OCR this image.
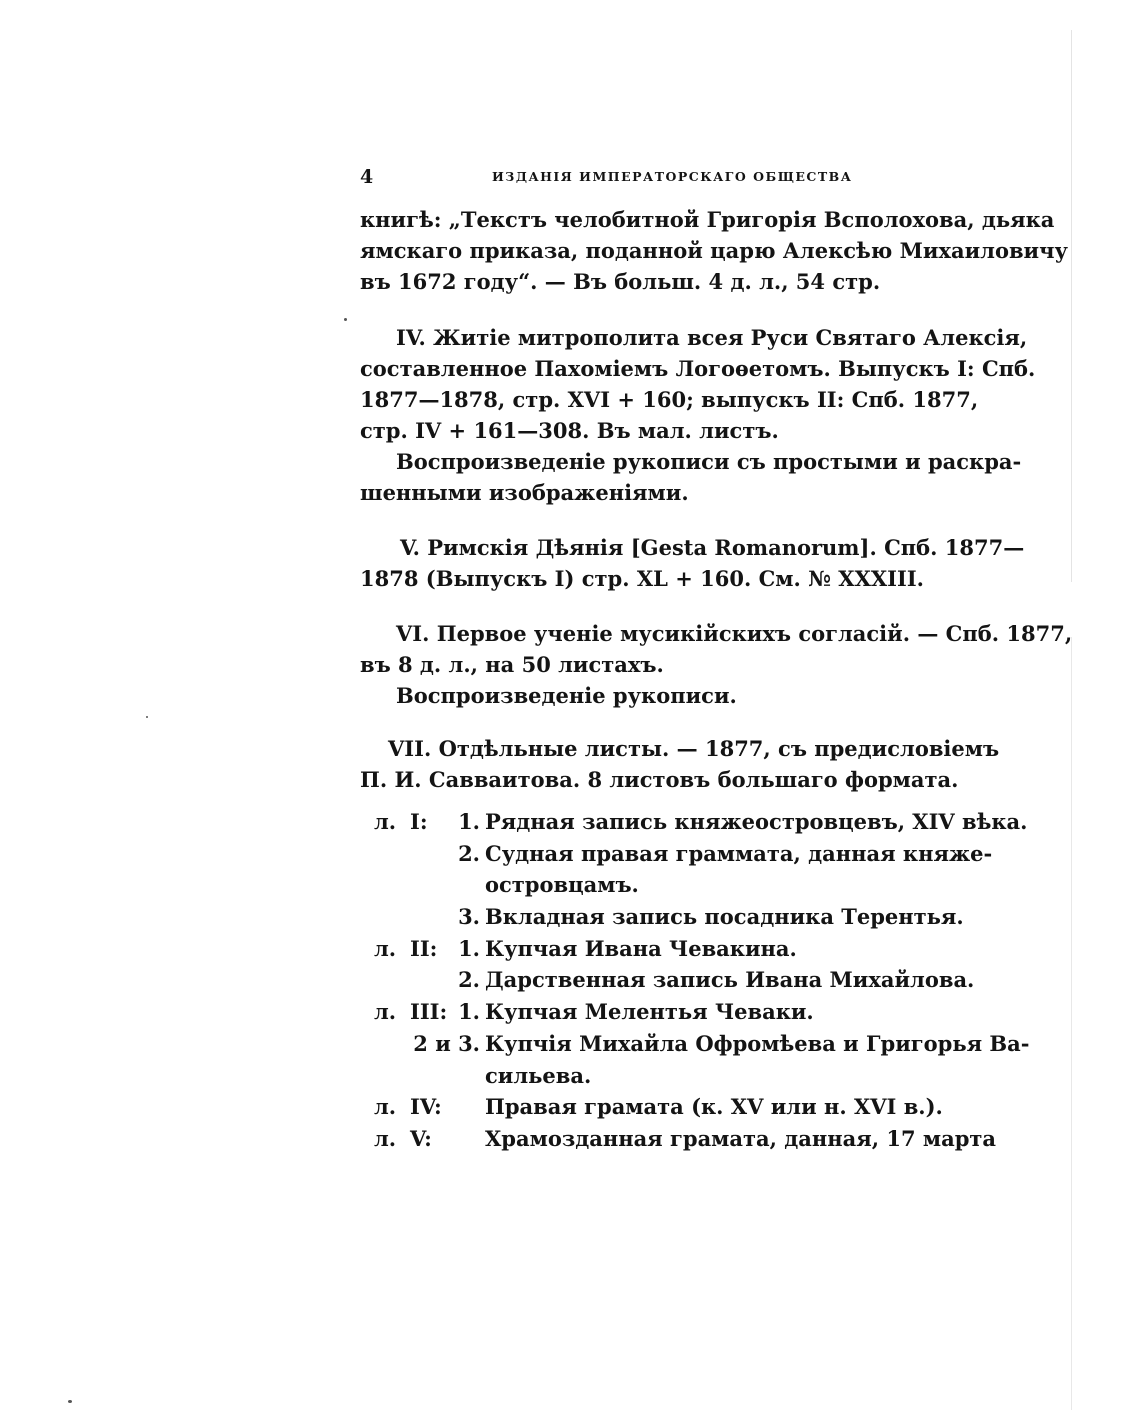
4	ИЗДАНІЯ ИМПЕРАТОРСКАГО ОБЩЕСТВА
книгѣ: „Текстъ челобитной Григорія Всполохова, дьяка
ямскаго приказа, поданной царю Алексѣю Михаиловичу
въ 1672 году“. — Въ больш. 4 д. л., 54 стр.
IV. Житіе митрополита всея Руси Святаго Алексія,
составленное Пахоміемъ Логоѳетомъ. Выпускъ I: Спб.
1877—1878, стр. XVI + 160; выпускъ II: Спб. 1877,
стр. IV + 161—308. Въ мал. листъ.
Воспроизведеніе рукописи съ простыми и раскра-
шенными изображеніями.
V. Римскія Дѣянія [Gesta Romanorum]. Спб. 1877—
1878 (Выпускъ I) стр. XL + 160. См. № XXXIII.
VI. Первое ученіе мусикійскихъ согласій. — Спб. 1877,
въ 8 д. л., на 50 листахъ.
Воспроизведеніе рукописи.
VII. Отдѣльные листы. — 1877, съ предисловіемъ
П. И. Савваитова. 8 листовъ большаго формата.
л. I: 1. Рядная запись княжеостровцевъ, XIV вѣка.
2. Судная правая граммата, данная княже-
островцамъ.
3. Вкладная запись посадника Терентья.
л. II: 1. Купчая Ивана Чевакина.
2. Дарственная запись Ивана Михайлова.
л. III: 1. Купчая Мелентья Чеваки.
2 и 3. Купчія Михайла Офромѣева и Григорья Ва-
сильева.
л. IV: Правая грамата (к. XV или н. XVI в.).
л. V:	Храмозданная грамата, данная, 17 марта
